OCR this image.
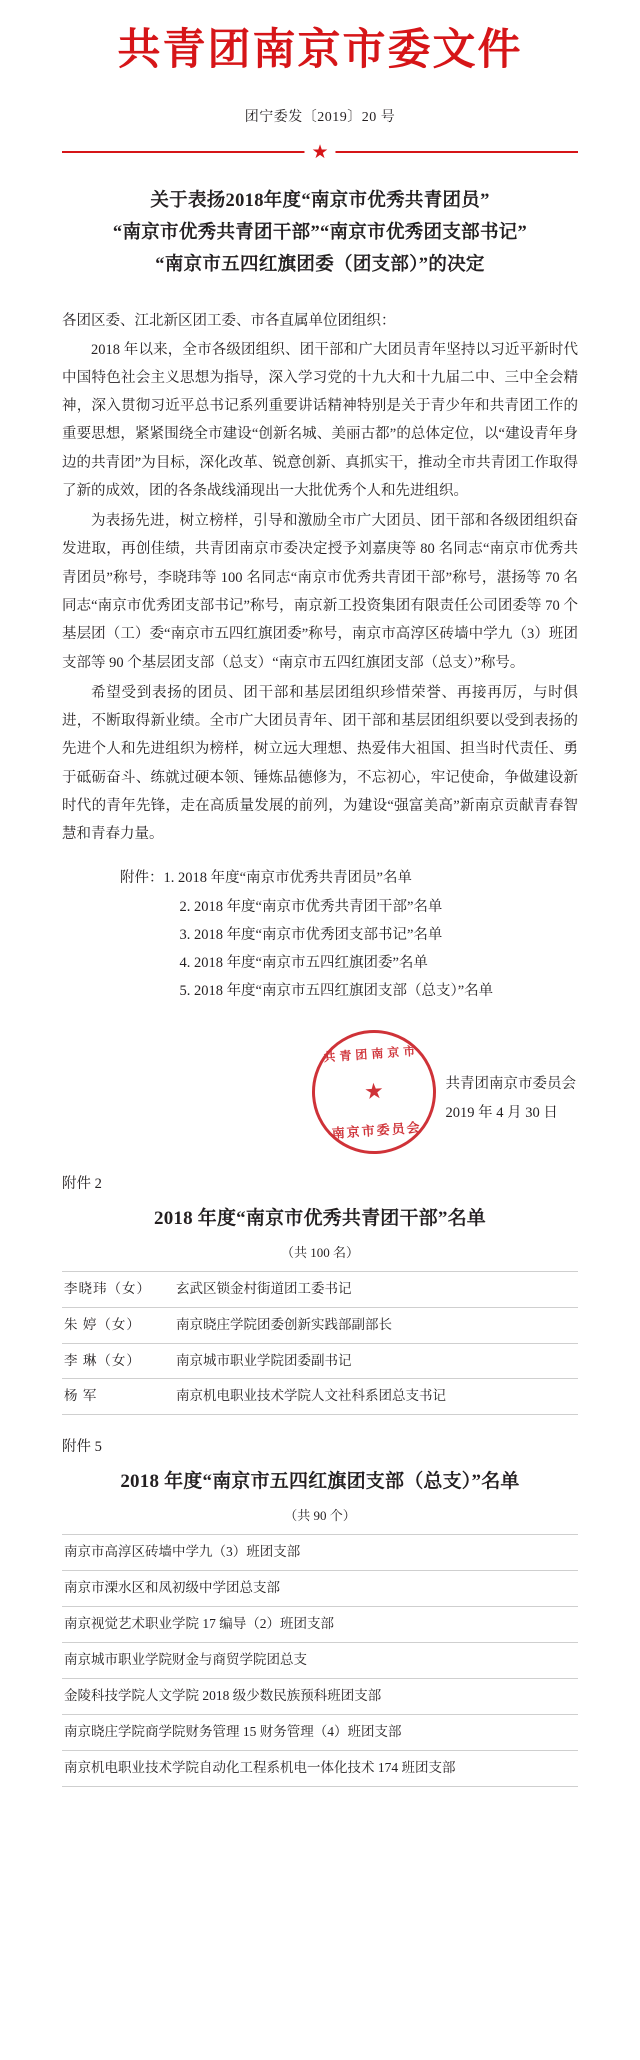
共青团南京市委文件
团宁委发〔2019〕20 号
★
关于表扬2018年度“南京市优秀共青团员”
“南京市优秀共青团干部”“南京市优秀团支部书记”
“南京市五四红旗团委（团支部）”的决定
各团区委、江北新区团工委、市各直属单位团组织：

2018 年以来，全市各级团组织、团干部和广大团员青年坚持以习近平新时代中国特色社会主义思想为指导，深入学习党的十九大和十九届二中、三中全会精神，深入贯彻习近平总书记系列重要讲话精神特别是关于青少年和共青团工作的重要思想，紧紧围绕全市建设“创新名城、美丽古都”的总体定位，以“建设青年身边的共青团”为目标，深化改革、锐意创新、真抓实干，推动全市共青团工作取得了新的成效，团的各条战线涌现出一大批优秀个人和先进组织。

为表扬先进，树立榜样，引导和激励全市广大团员、团干部和各级团组织奋发进取，再创佳绩，共青团南京市委决定授予刘嘉庚等 80 名同志“南京市优秀共青团员”称号，李晓玮等 100 名同志“南京市优秀共青团干部”称号，湛扬等 70 名同志“南京市优秀团支部书记”称号，南京新工投资集团有限责任公司团委等 70 个基层团（工）委“南京市五四红旗团委”称号，南京市高淳区砖墙中学九（3）班团支部等 90 个基层团支部（总支）“南京市五四红旗团支部（总支）”称号。

希望受到表扬的团员、团干部和基层团组织珍惜荣誉、再接再厉，与时俱进，不断取得新业绩。全市广大团员青年、团干部和基层团组织要以受到表扬的先进个人和先进组织为榜样，树立远大理想、热爱伟大祖国、担当时代责任、勇于砥砺奋斗、练就过硬本领、锤炼品德修为，不忘初心，牢记使命，争做建设新时代的青年先锋，走在高质量发展的前列，为建设“强富美高”新南京贡献青春智慧和青春力量。

附件：1. 2018 年度“南京市优秀共青团员”名单
2. 2018 年度“南京市优秀共青团干部”名单
3. 2018 年度“南京市优秀团支部书记”名单
4. 2018 年度“南京市五四红旗团委”名单
5. 2018 年度“南京市五四红旗团支部（总支）”名单
共青团南京市委员会
2019 年 4 月 30 日
共青团南京市
★
南京市委员会
附件 2
2018 年度“南京市优秀共青团干部”名单
（共 100 名）
李晓玮（女）	玄武区锁金村街道团工委书记
朱 婷（女）	南京晓庄学院团委创新实践部副部长
李 琳（女）	南京城市职业学院团委副书记
杨 军	南京机电职业技术学院人文社科系团总支书记
附件 5
2018 年度“南京市五四红旗团支部（总支）”名单
（共 90 个）
南京市高淳区砖墙中学九（3）班团支部
南京市溧水区和凤初级中学团总支部
南京视觉艺术职业学院 17 编导（2）班团支部
南京城市职业学院财金与商贸学院团总支
金陵科技学院人文学院 2018 级少数民族预科班团支部
南京晓庄学院商学院财务管理 15 财务管理（4）班团支部
南京机电职业技术学院自动化工程系机电一体化技术 174 班团支部
